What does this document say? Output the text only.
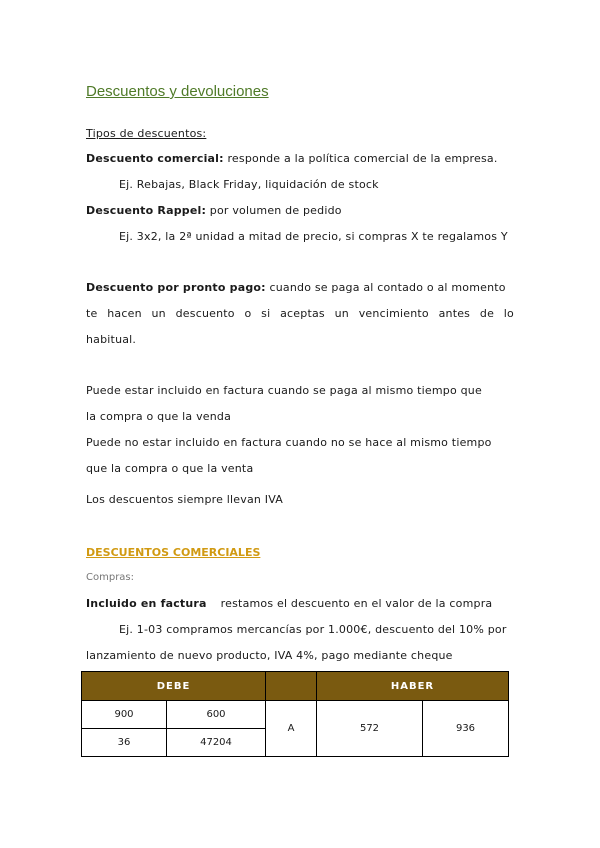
Descuentos y devoluciones
Tipos de descuentos:
Descuento comercial: responde a la política comercial de la empresa.
Ej. Rebajas, Black Friday, liquidación de stock
Descuento Rappel: por volumen de pedido
Ej. 3x2, la 2ª unidad a mitad de precio, si compras X te regalamos Y
Descuento por pronto pago: cuando se paga al contado o al momento
te hacen un descuento o si aceptas un vencimiento antes de lo
habitual.
Puede estar incluido en factura cuando se paga al mismo tiempo que
la compra o que la venda
Puede no estar incluido en factura cuando no se hace al mismo tiempo
que la compra o que la venta
Los descuentos siempre llevan IVA
DESCUENTOS COMERCIALES
Compras:
Incluido en factura restamos el descuento en el valor de la compra
Ej. 1-03 compramos mercancías por 1.000€, descuento del 10% por
lanzamiento de nuevo producto, IVA 4%, pago mediante cheque
DEBE			HABER	
900	600	A	572	936
36	47204			
